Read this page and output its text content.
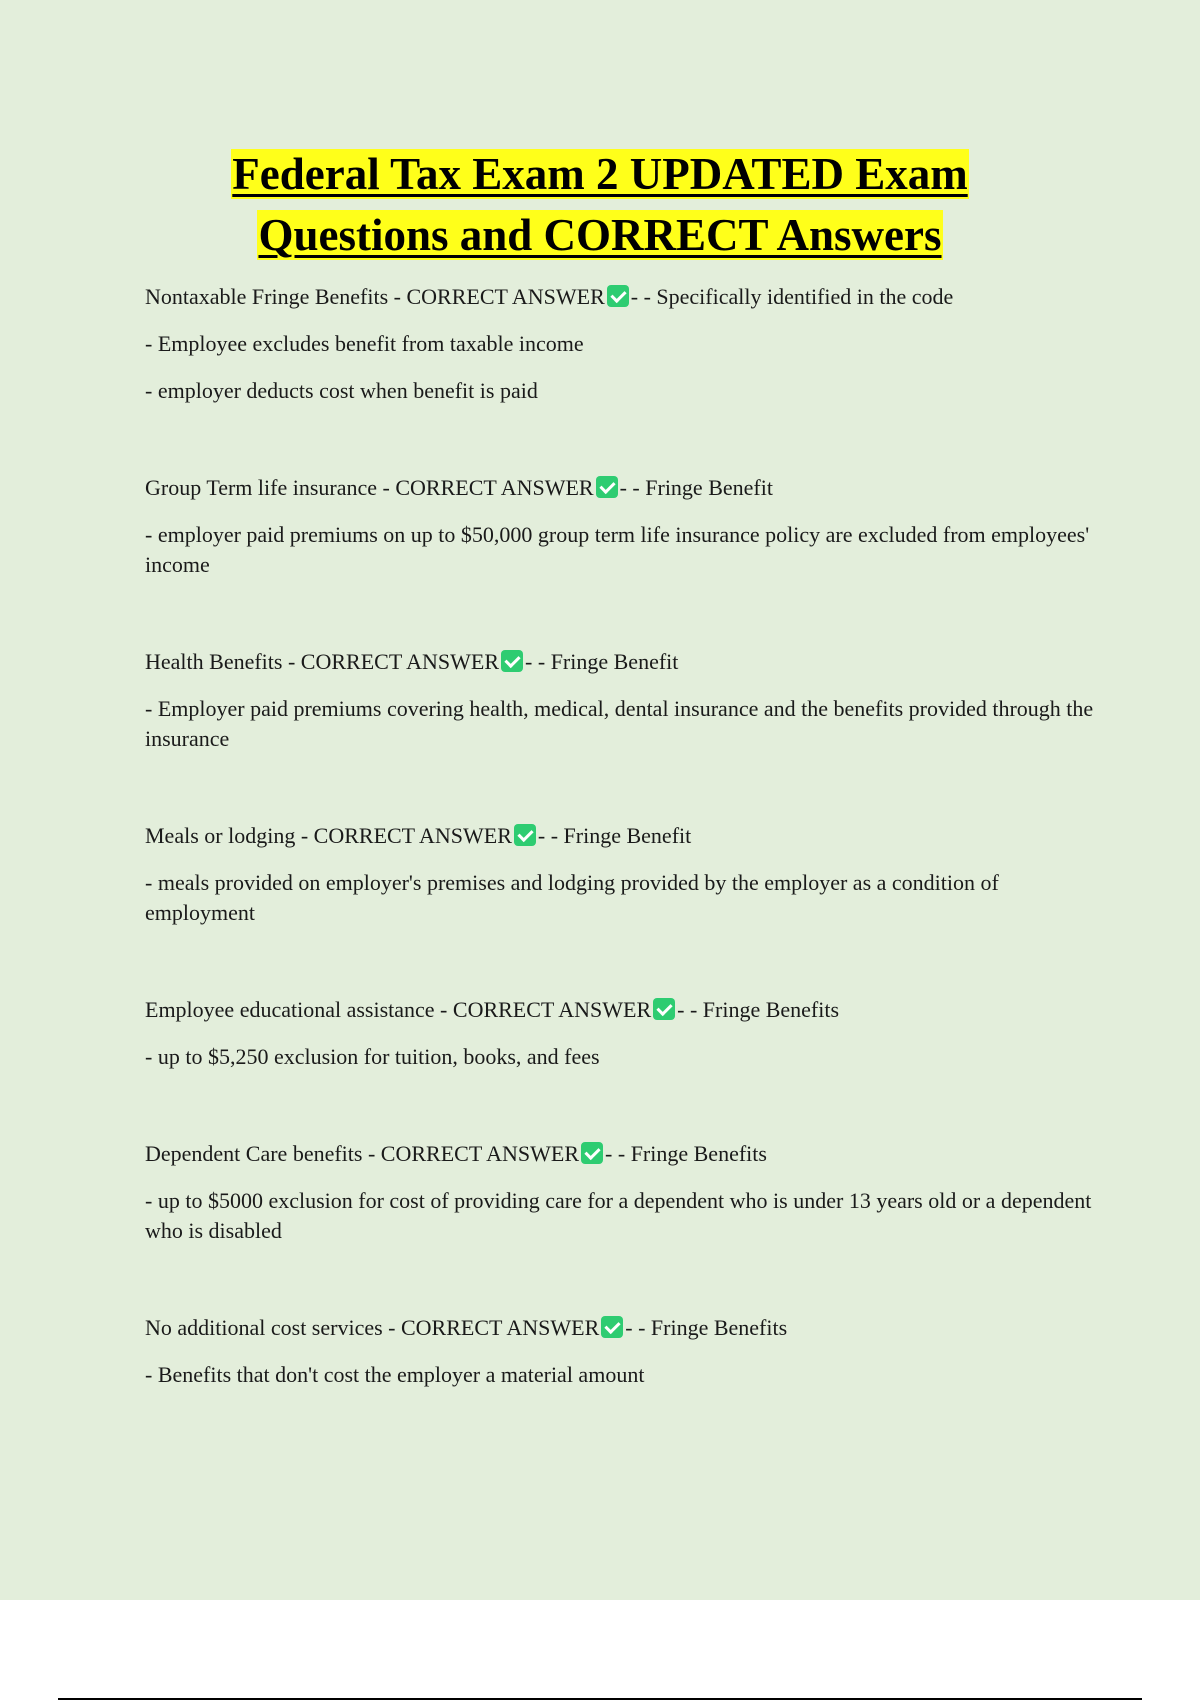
Federal Tax Exam 2 UPDATED Exam
Questions and CORRECT Answers

Nontaxable Fringe Benefits - CORRECT ANSWER - - Specifically identified in the code

- Employee excludes benefit from taxable income

- employer deducts cost when benefit is paid

Group Term life insurance - CORRECT ANSWER - - Fringe Benefit

- employer paid premiums on up to $50,000 group term life insurance policy are excluded from employees' income

Health Benefits - CORRECT ANSWER - - Fringe Benefit

- Employer paid premiums covering health, medical, dental insurance and the benefits provided through the insurance

Meals or lodging - CORRECT ANSWER - - Fringe Benefit

- meals provided on employer's premises and lodging provided by the employer as a condition of employment

Employee educational assistance - CORRECT ANSWER - - Fringe Benefits

- up to $5,250 exclusion for tuition, books, and fees

Dependent Care benefits - CORRECT ANSWER - - Fringe Benefits

- up to $5000 exclusion for cost of providing care for a dependent who is under 13 years old or a dependent who is disabled

No additional cost services - CORRECT ANSWER - - Fringe Benefits

- Benefits that don't cost the employer a material amount
